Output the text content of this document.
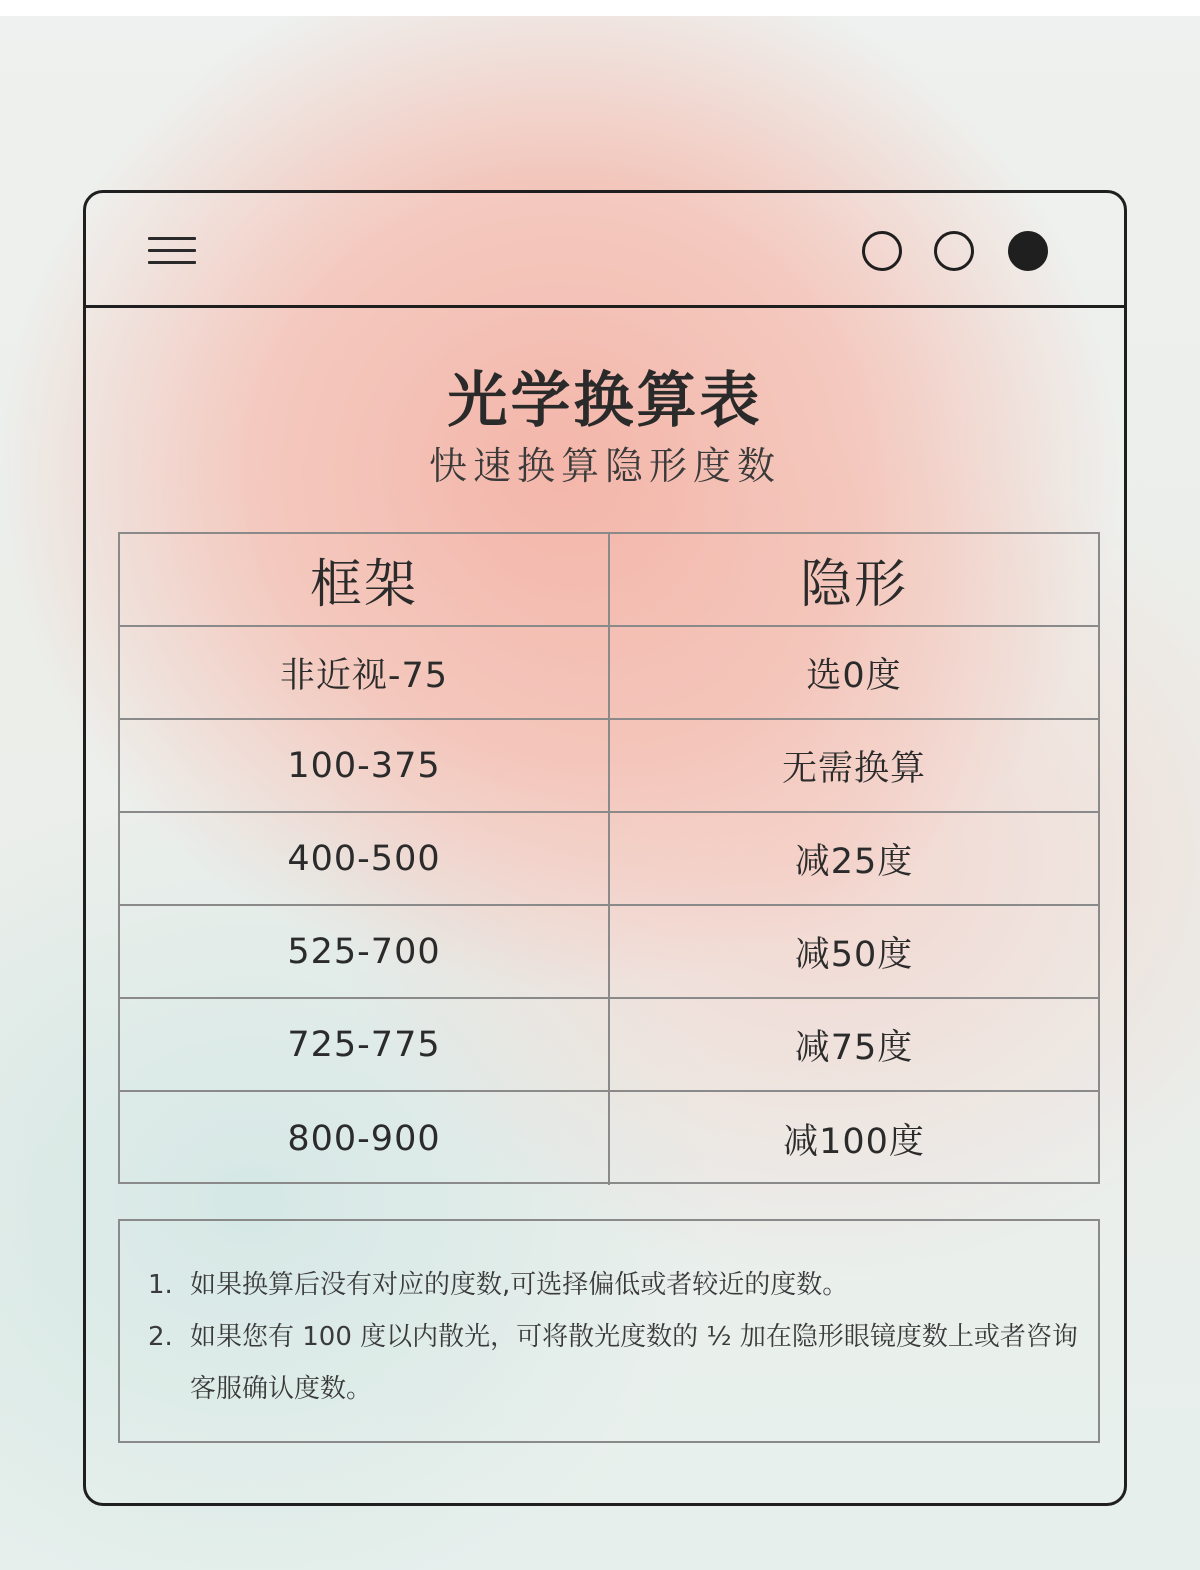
光学换算表
快速换算隐形度数
框架	隐形
非近视-75	选0度
100-375	无需换算
400-500	减25度
525-700	减50度
725-775	减75度
800-900	减100度
1. 如果换算后没有对应的度数,可选择偏低或者较近的度数。
2. 如果您有 100 度以内散光，可将散光度数的 ½ 加在隐形眼镜度数上或者咨询客服确认度数。
